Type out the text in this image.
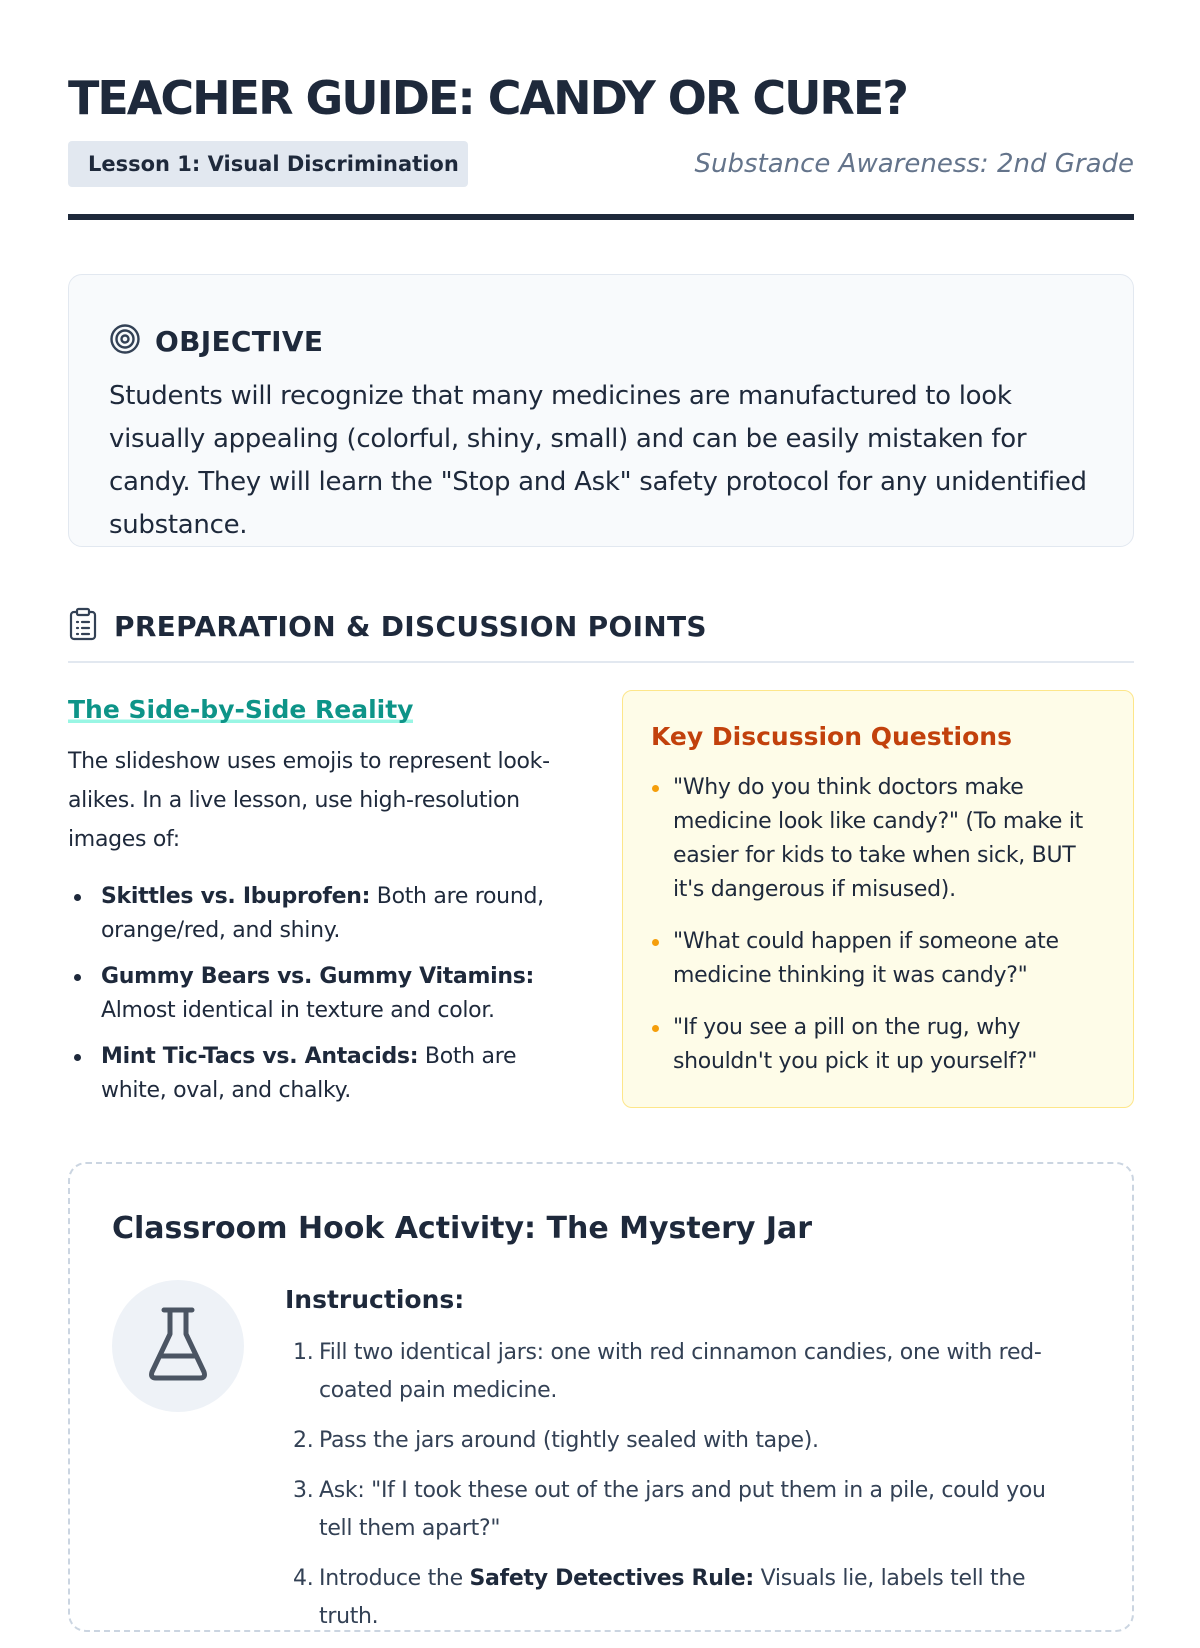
TEACHER GUIDE: CANDY OR CURE?
Lesson 1: Visual Discrimination	Substance Awareness: 2nd Grade
OBJECTIVE

Students will recognize that many medicines are manufactured to look visually appealing (colorful, shiny, small) and can be easily mistaken for candy. They will learn the "Stop and Ask" safety protocol for any unidentified substance.

PREPARATION & DISCUSSION POINTS
The Side-by-Side Reality

The slideshow uses emojis to represent look-alikes. In a live lesson, use high-resolution images of:

Skittles vs. Ibuprofen: Both are round, orange/red, and shiny.
Gummy Bears vs. Gummy Vitamins: Almost identical in texture and color.
Mint Tic-Tacs vs. Antacids: Both are white, oval, and chalky.
Key Discussion Questions
"Why do you think doctors make medicine look like candy?" (To make it easier for kids to take when sick, BUT it's dangerous if misused).
"What could happen if someone ate medicine thinking it was candy?"
"If you see a pill on the rug, why shouldn't you pick it up yourself?"
Classroom Hook Activity: The Mystery Jar
Instructions:
1. Fill two identical jars: one with red cinnamon candies, one with red-coated pain medicine.
2. Pass the jars around (tightly sealed with tape).
3. Ask: "If I took these out of the jars and put them in a pile, could you tell them apart?"
4. Introduce the Safety Detectives Rule: Visuals lie, labels tell the truth.
